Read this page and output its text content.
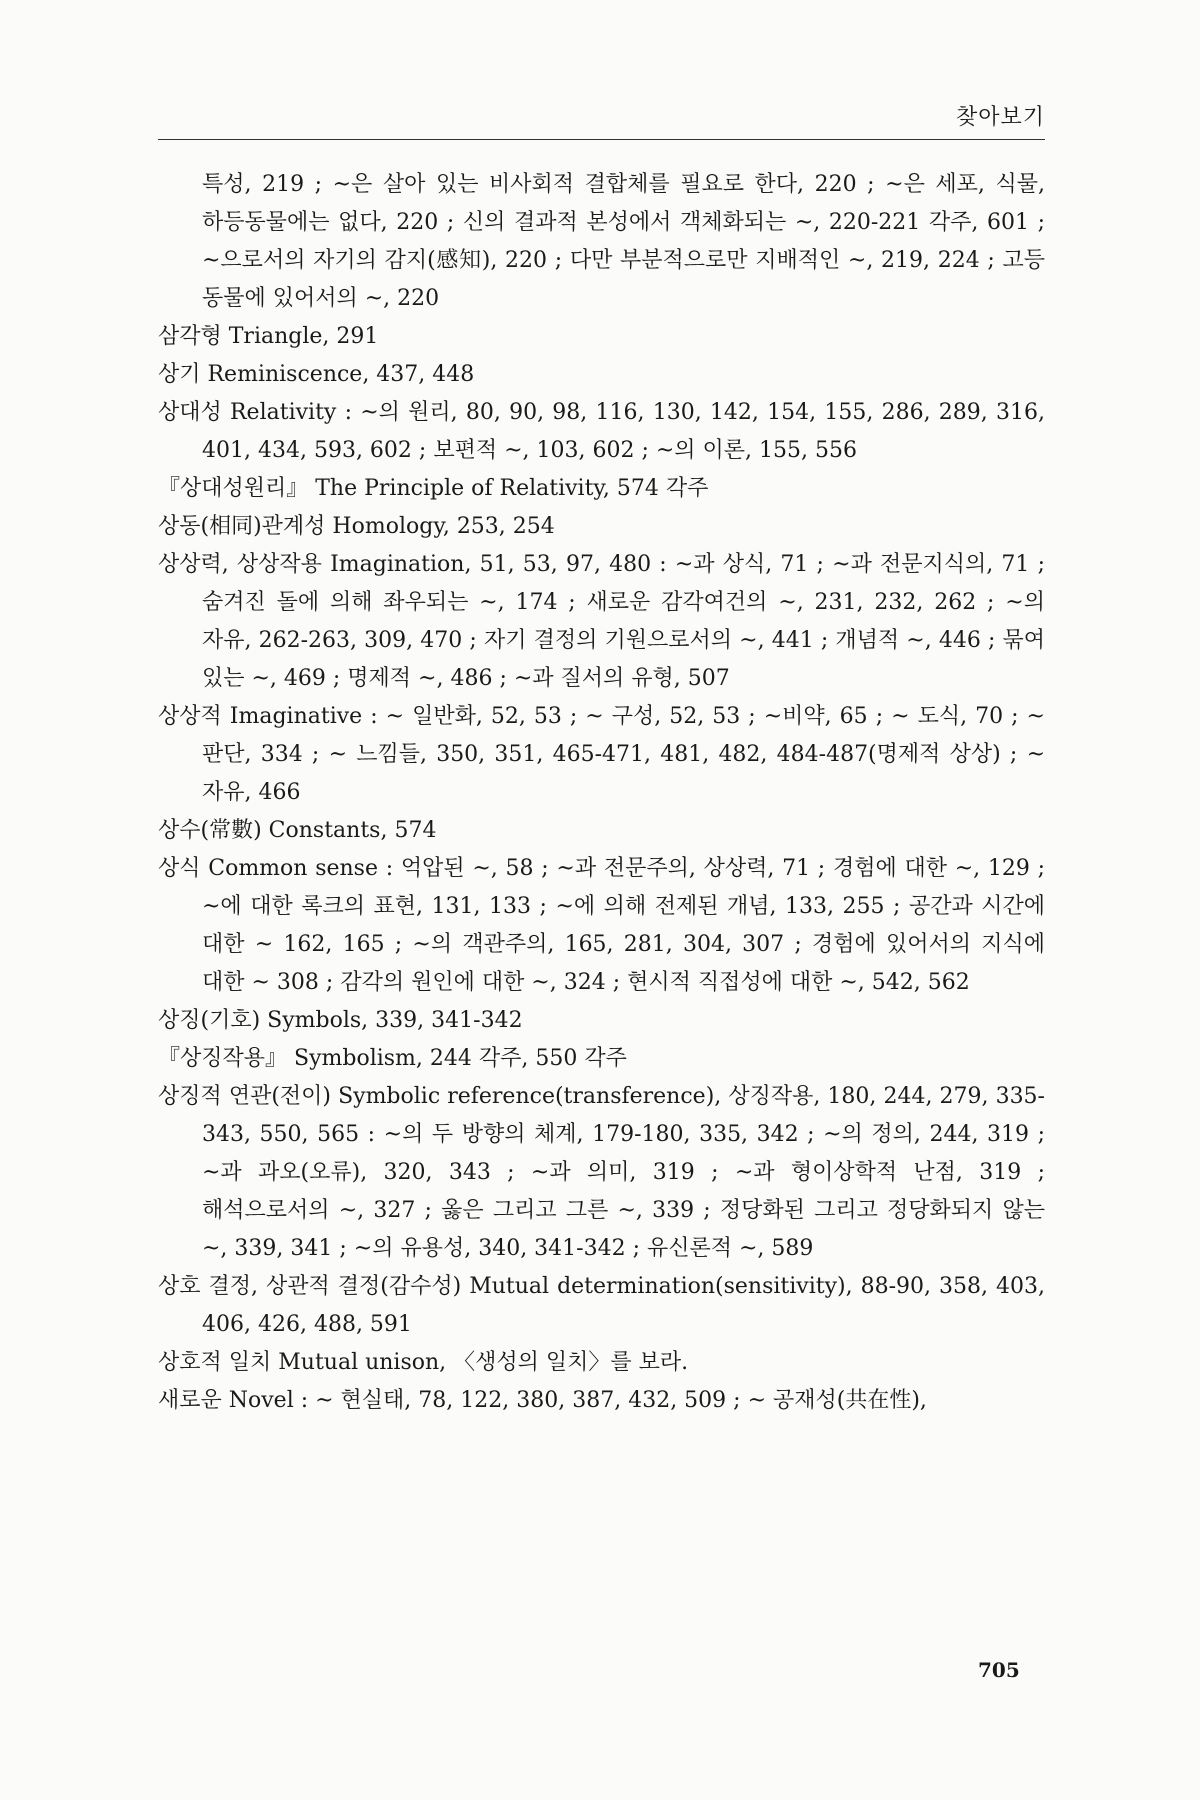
찾아보기
특성, 219 ; ~은 살아 있는 비사회적 결합체를 필요로 한다, 220 ; ~은 세포, 식물, 하등동물에는 없다, 220 ; 신의 결과적 본성에서 객체화되는 ~, 220-221 각주, 601 ; ~으로서의 자기의 감지(感知), 220 ; 다만 부분적으로만 지배적인 ~, 219, 224 ; 고등 동물에 있어서의 ~, 220
삼각형 Triangle, 291
상기 Reminiscence, 437, 448
상대성 Relativity : ~의 원리, 80, 90, 98, 116, 130, 142, 154, 155, 286, 289, 316, 401, 434, 593, 602 ; 보편적 ~, 103, 602 ; ~의 이론, 155, 556
『상대성원리』 The Principle of Relativity, 574 각주
상동(相同)관계성 Homology, 253, 254
상상력, 상상작용 Imagination, 51, 53, 97, 480 : ~과 상식, 71 ; ~과 전문지식의, 71 ; 숨겨진 돌에 의해 좌우되는 ~, 174 ; 새로운 감각여건의 ~, 231, 232, 262 ; ~의 자유, 262-263, 309, 470 ; 자기 결정의 기원으로서의 ~, 441 ; 개념적 ~, 446 ; 묶여 있는 ~, 469 ; 명제적 ~, 486 ; ~과 질서의 유형, 507
상상적 Imaginative : ~ 일반화, 52, 53 ; ~ 구성, 52, 53 ; ~비약, 65 ; ~ 도식, 70 ; ~ 판단, 334 ; ~ 느낌들, 350, 351, 465-471, 481, 482, 484-487(명제적 상상) ; ~ 자유, 466
상수(常數) Constants, 574
상식 Common sense : 억압된 ~, 58 ; ~과 전문주의, 상상력, 71 ; 경험에 대한 ~, 129 ; ~에 대한 록크의 표현, 131, 133 ; ~에 의해 전제된 개념, 133, 255 ; 공간과 시간에 대한 ~ 162, 165 ; ~의 객관주의, 165, 281, 304, 307 ; 경험에 있어서의 지식에 대한 ~ 308 ; 감각의 원인에 대한 ~, 324 ; 현시적 직접성에 대한 ~, 542, 562
상징(기호) Symbols, 339, 341-342
『상징작용』 Symbolism, 244 각주, 550 각주
상징적 연관(전이) Symbolic reference(transference), 상징작용, 180, 244, 279, 335-343, 550, 565 : ~의 두 방향의 체계, 179-180, 335, 342 ; ~의 정의, 244, 319 ; ~과 과오(오류), 320, 343 ; ~과 의미, 319 ; ~과 형이상학적 난점, 319 ; 해석으로서의 ~, 327 ; 옳은 그리고 그른 ~, 339 ; 정당화된 그리고 정당화되지 않는 ~, 339, 341 ; ~의 유용성, 340, 341-342 ; 유신론적 ~, 589
상호 결정, 상관적 결정(감수성) Mutual determination(sensitivity), 88-90, 358, 403, 406, 426, 488, 591
상호적 일치 Mutual unison, 〈생성의 일치〉를 보라.
새로운 Novel : ~ 현실태, 78, 122, 380, 387, 432, 509 ; ~ 공재성(共在性),
705
